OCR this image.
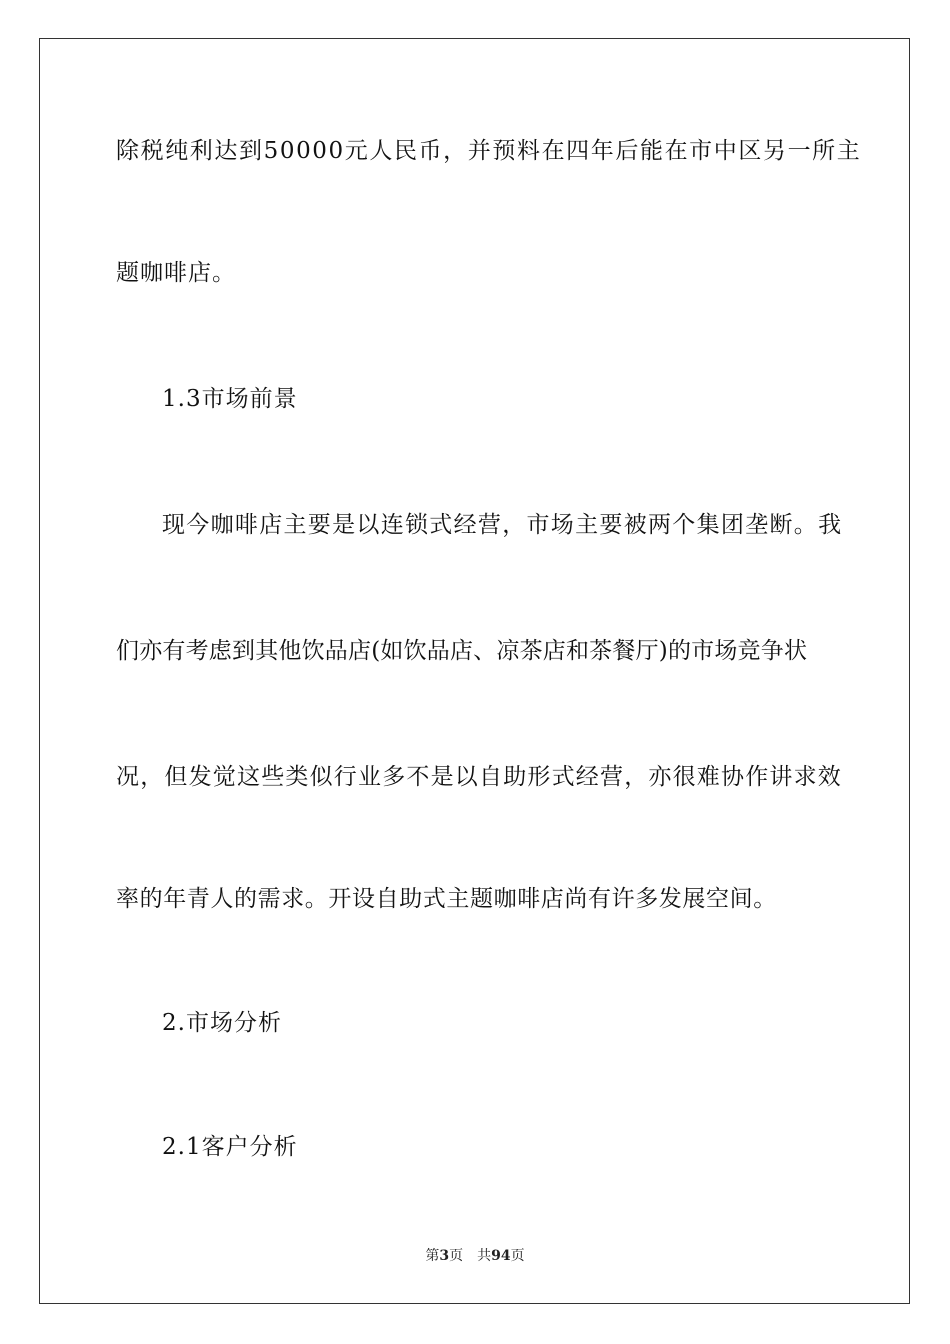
除税纯利达到50000元人民币，并预料在四年后能在市中区另一所主
题咖啡店。
1.3市场前景
现今咖啡店主要是以连锁式经营，市场主要被两个集团垄断。我
们亦有考虑到其他饮品店(如饮品店、凉茶店和茶餐厅)的市场竞争状
况，但发觉这些类似行业多不是以自助形式经营，亦很难协作讲求效
率的年青人的需求。开设自助式主题咖啡店尚有许多发展空间。
2.市场分析
2.1客户分析
第3页 共94页
